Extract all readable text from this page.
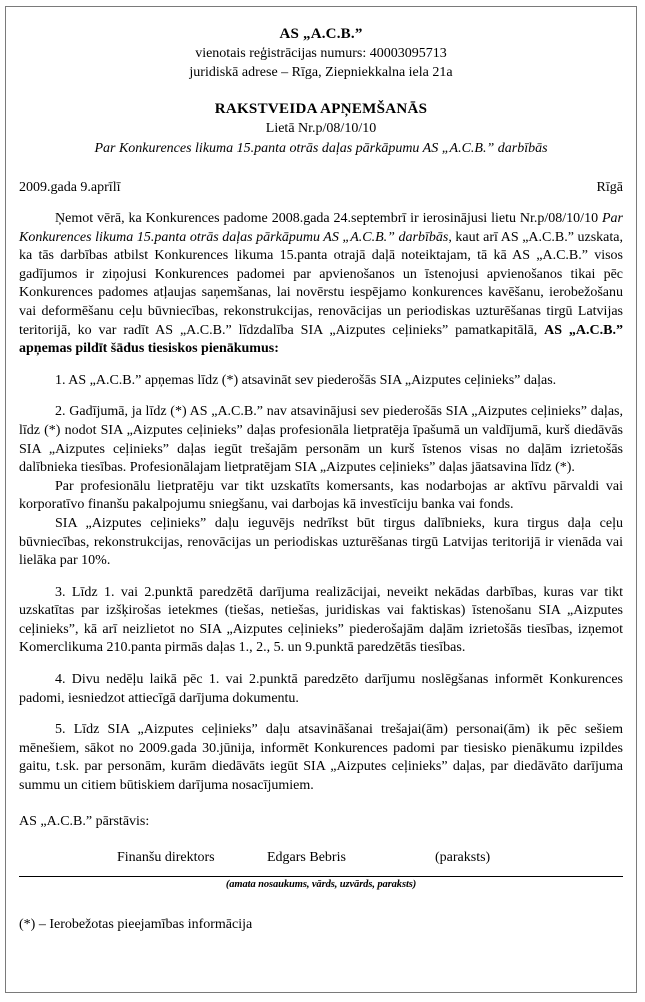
AS „A.C.B.”
vienotais reģistrācijas numurs: 40003095713
juridiskā adrese – Rīga, Ziepniekkalna iela 21a
RAKSTVEIDA APŅEMŠANĀS
Lietā Nr.p/08/10/10
Par Konkurences likuma 15.panta otrās daļas pārkāpumu AS „A.C.B.” darbībās
2009.gada 9.aprīlī	Rīgā

Ņemot vērā, ka Konkurences padome 2008.gada 24.septembrī ir ierosinājusi lietu Nr.p/08/10/10 Par Konkurences likuma 15.panta otrās daļas pārkāpumu AS „A.C.B.” darbībās, kaut arī AS „A.C.B.” uzskata, ka tās darbības atbilst Konkurences likuma 15.panta otrajā daļā noteiktajam, tā kā AS „A.C.B.” visos gadījumos ir ziņojusi Konkurences padomei par apvienošanos un īstenojusi apvienošanos tikai pēc Konkurences padomes atļaujas saņemšanas, lai novērstu iespējamo konkurences kavēšanu, ierobežošanu vai deformēšanu ceļu būvniecības, rekonstrukcijas, renovācijas un periodiskas uzturēšanas tirgū Latvijas teritorijā, ko var radīt AS „A.C.B.” līdzdalība SIA „Aizputes ceļinieks” pamatkapitālā, AS „A.C.B.” apņemas pildīt šādus tiesiskos pienākumus:

1. AS „A.C.B.” apņemas līdz (*) atsavināt sev piederošās SIA „Aizputes ceļinieks” daļas.

2. Gadījumā, ja līdz (*) AS „A.C.B.” nav atsavinājusi sev piederošās SIA „Aizputes ceļinieks” daļas, līdz (*) nodot SIA „Aizputes ceļinieks” daļas profesionāla lietpratēja īpašumā un valdījumā, kurš diedāvās SIA „Aizputes ceļinieks” daļas iegūt trešajām personām un kurš īstenos visas no daļām izrietošās dalībnieka tiesības. Profesionālajam lietpratējam SIA „Aizputes ceļinieks” daļas jāatsavina līdz (*).

Par profesionālu lietpratēju var tikt uzskatīts komersants, kas nodarbojas ar aktīvu pārvaldi vai korporatīvo finanšu pakalpojumu sniegšanu, vai darbojas kā investīciju banka vai fonds.

SIA „Aizputes ceļinieks” daļu ieguvējs nedrīkst būt tirgus dalībnieks, kura tirgus daļa ceļu būvniecības, rekonstrukcijas, renovācijas un periodiskas uzturēšanas tirgū Latvijas teritorijā ir vienāda vai lielāka par 10%.

3. Līdz 1. vai 2.punktā paredzētā darījuma realizācijai, neveikt nekādas darbības, kuras var tikt uzskatītas par izšķirošas ietekmes (tiešas, netiešas, juridiskas vai faktiskas) īstenošanu SIA „Aizputes ceļinieks”, kā arī neizlietot no SIA „Aizputes ceļinieks” piederošajām daļām izrietošās tiesības, izņemot Komerclikuma 210.panta pirmās daļas 1., 2., 5. un 9.punktā paredzētās tiesības.

4. Divu nedēļu laikā pēc 1. vai 2.punktā paredzēto darījumu noslēgšanas informēt Konkurences padomi, iesniedzot attiecīgā darījuma dokumentu.

5. Līdz SIA „Aizputes ceļinieks” daļu atsavināšanai trešajai(ām) personai(ām) ik pēc sešiem mēnešiem, sākot no 2009.gada 30.jūnija, informēt Konkurences padomi par tiesisko pienākumu izpildes gaitu, t.sk. par personām, kurām diedāvāts iegūt SIA „Aizputes ceļinieks” daļas, par diedāvāto darījuma summu un citiem būtiskiem darījuma nosacījumiem.

AS „A.C.B.” pārstāvis:
Finanšu direktors	Edgars Bebris	(paraksts)
(amata nosaukums, vārds, uzvārds, paraksts)
(*) – Ierobežotas pieejamības informācija
